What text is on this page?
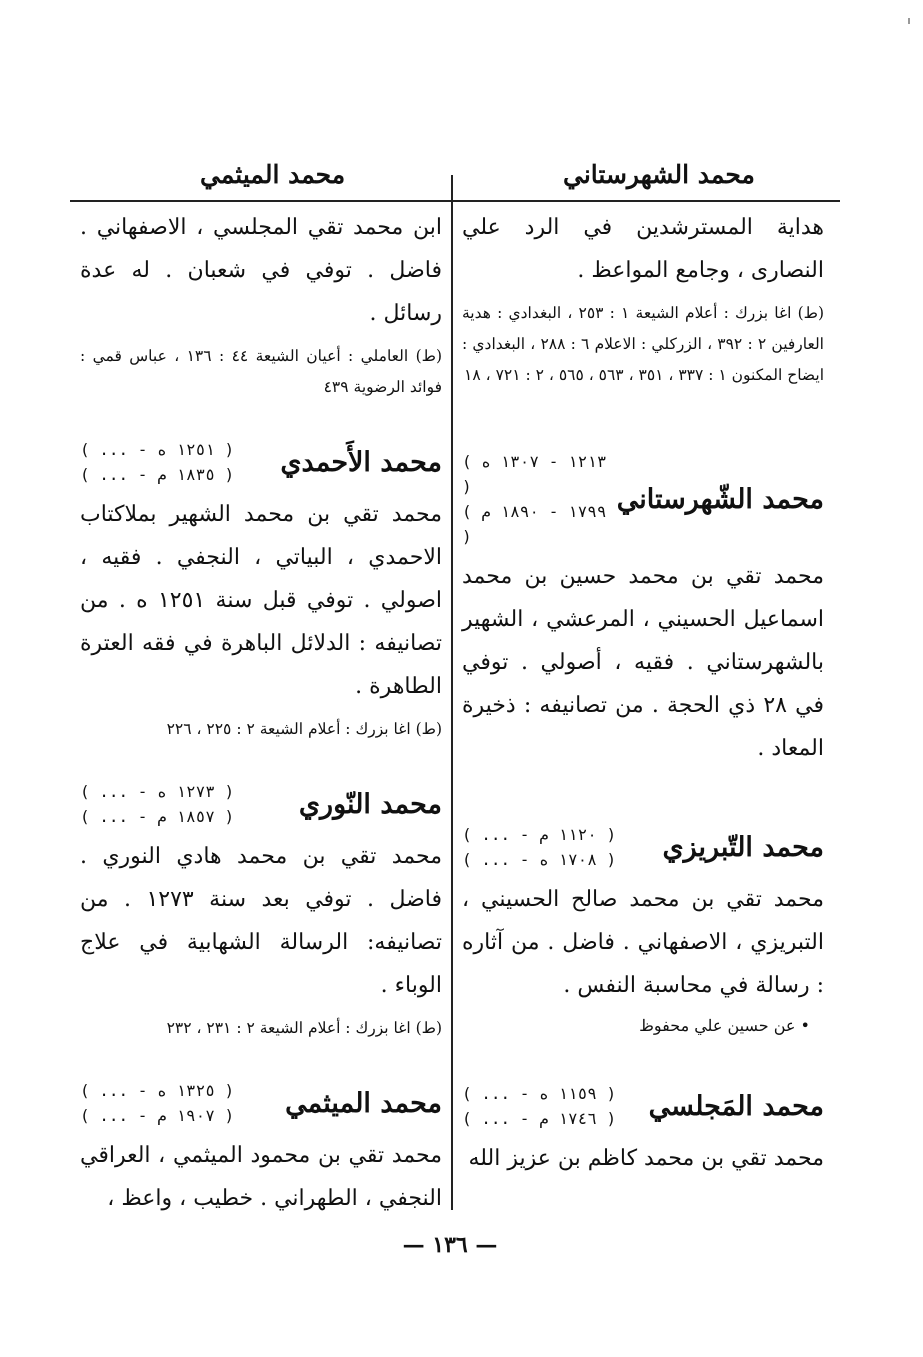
محمد الشهرستاني
محمد الميثمي

هداية المسترشدين في الرد علي النصارى ، وجامع المواعظ .

(ط) اغا بزرك : أعلام الشيعة ١ : ٢٥٣ ، البغدادي : هدية العارفين ٢ : ٣٩٢ ، الزركلي : الاعلام ٦ : ٢٨٨ ، البغدادي : ايضاح المكنون ١ : ٣٣٧ ، ٣٥١ ، ٥٦٣ ، ٥٦٥ ، ٢ : ٧٢١ ، ١٨

محمد الشّهرستاني
( ١٢١٣ - ١٣٠٧ ه )
( ١٧٩٩ - ١٨٩٠ م )

محمد تقي بن محمد حسين بن محمد اسماعيل الحسيني ، المرعشي ، الشهير بالشهرستاني . فقيه ، أصولي . توفي في ٢٨ ذي الحجة . من تصانيفه : ذخيرة المعاد .

محمد التّبريزي
( ... - ١١٢٠ م )
( ... - ١٧٠٨ ه )

محمد تقي بن محمد صالح الحسيني ، التبريزي ، الاصفهاني . فاضل . من آثاره : رسالة في محاسبة النفس .

• عن حسين علي محفوظ

محمد المَجلسي
( ... - ١١٥٩ ه )
( ... - ١٧٤٦ م )

محمد تقي بن محمد كاظم بن عزيز الله

ابن محمد تقي المجلسي ، الاصفهاني . فاضل . توفي في شعبان . له عدة رسائل .

(ط) العاملي : أعيان الشيعة ٤٤ : ١٣٦ ، عباس قمي : فوائد الرضوية ٤٣٩

محمد الأَحمدي
( ... - ١٢٥١ ه )
( ... - ١٨٣٥ م )

محمد تقي بن محمد الشهير بملاكتاب الاحمدي ، البياتي ، النجفي . فقيه ، اصولي . توفي قبل سنة ١٢٥١ ه . من تصانيفه : الدلائل الباهرة في فقه العترة الطاهرة .

(ط) اغا بزرك : أعلام الشيعة ٢ : ٢٢٥ ، ٢٢٦

محمد النّوري
( ... - ١٢٧٣ ه )
( ... - ١٨٥٧ م )

محمد تقي بن محمد هادي النوري . فاضل . توفي بعد سنة ١٢٧٣ . من تصانيفه: الرسالة الشهابية في علاج الوباء .

(ط) اغا بزرك : أعلام الشيعة ٢ : ٢٣١ ، ٢٣٢

محمد الميثمي
( ... - ١٣٢٥ ه )
( ... - ١٩٠٧ م )

محمد تقي بن محمود الميثمي ، العراقي النجفي ، الطهراني . خطيب ، واعظ ،

— ١٣٦ —
